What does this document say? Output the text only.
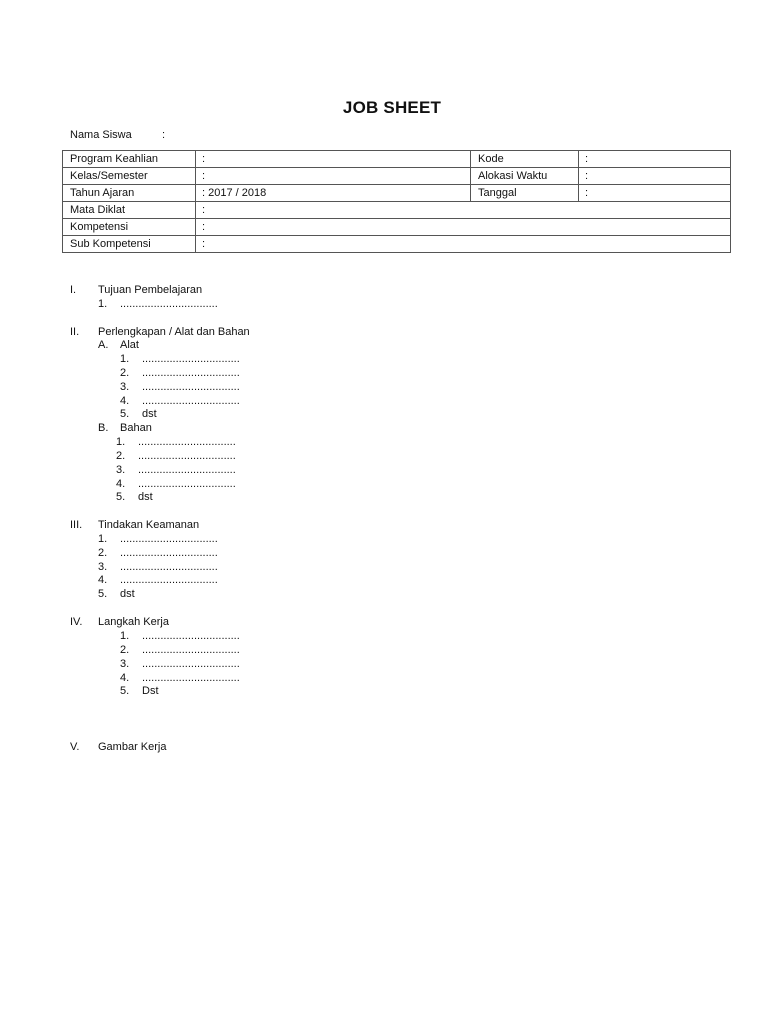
JOB SHEET
Nama Siswa	:
Program Keahlian	:	Kode	:
Kelas/Semester	:	Alokasi Waktu	:
Tahun Ajaran	: 2017 / 2018	Tanggal	:
Mata Diklat	:		
Kompetensi	:		
Sub Kompetensi	:		
I. Tujuan Pembelajaran
1. ................................
II. Perlengkapan / Alat dan Bahan
A. Alat
1. ................................
2. ................................
3. ................................
4. ................................
5. dst
B. Bahan
1. ................................
2. ................................
3. ................................
4. ................................
5. dst
III. Tindakan Keamanan
1. ................................
2. ................................
3. ................................
4. ................................
5. dst
IV. Langkah Kerja
1. ................................
2. ................................
3. ................................
4. ................................
5. Dst
V. Gambar Kerja
